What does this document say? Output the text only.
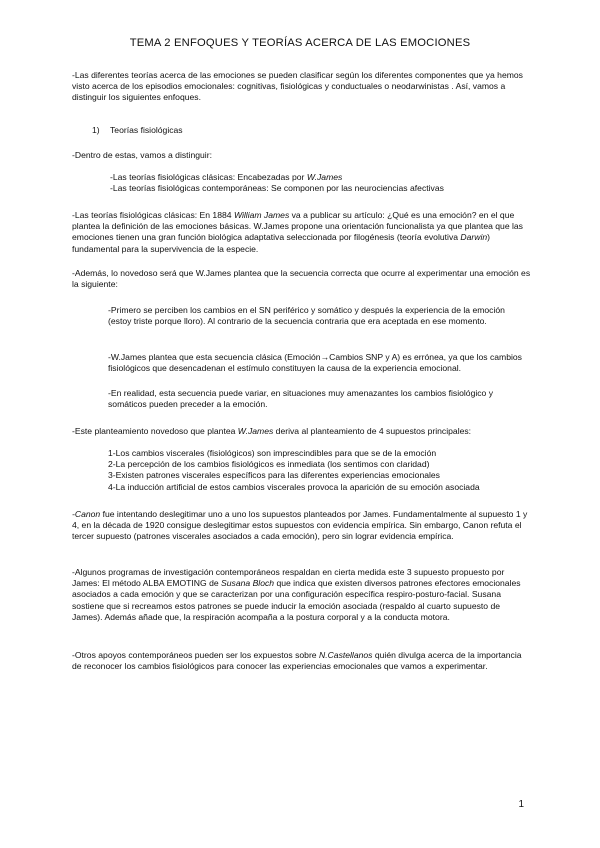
TEMA 2 ENFOQUES Y TEORÍAS ACERCA DE LAS EMOCIONES

-Las diferentes teorías acerca de las emociones se pueden clasificar según los diferentes componentes que ya hemos visto acerca de los episodios emocionales: cognitivas, fisiológicas y conductuales o neodarwinistas . Así, vamos a distinguir los siguientes enfoques.

1) Teorías fisiológicas

-Dentro de estas, vamos a distinguir:

-Las teorías fisiológicas clásicas: Encabezadas por W.James
-Las teorías fisiológicas contemporáneas: Se componen por las neurociencias afectivas

-Las teorías fisiológicas clásicas: En 1884 William James va a publicar su artículo: ¿Qué es una emoción? en el que plantea la definición de las emociones básicas. W.James propone una orientación funcionalista ya que plantea que las emociones tienen una gran función biológica adaptativa seleccionada por filogénesis (teoría evolutiva Darwin) fundamental para la supervivencia de la especie.

-Además, lo novedoso será que W.James plantea que la secuencia correcta que ocurre al experimentar una emoción es la siguiente:

-Primero se perciben los cambios en el SN periférico y somático y después la experiencia de la emoción (estoy triste porque lloro). Al contrario de la secuencia contraria que era aceptada en ese momento.

-W.James plantea que esta secuencia clásica (Emoción→Cambios SNP y A) es errónea, ya que los cambios fisiológicos que desencadenan el estímulo constituyen la causa de la experiencia emocional.

-En realidad, esta secuencia puede variar, en situaciones muy amenazantes los cambios fisiológico y somáticos pueden preceder a la emoción.

-Este planteamiento novedoso que plantea W.James deriva al planteamiento de 4 supuestos principales:

1-Los cambios viscerales (fisiológicos) son imprescindibles para que se de la emoción
2-La percepción de los cambios fisiológicos es inmediata (los sentimos con claridad)
3-Existen patrones viscerales específicos para las diferentes experiencias emocionales
4-La inducción artificial de estos cambios viscerales provoca la aparición de su emoción asociada

-Canon fue intentando deslegitimar uno a uno los supuestos planteados por James. Fundamentalmente al supuesto 1 y 4, en la década de 1920 consigue deslegitimar estos supuestos con evidencia empírica. Sin embargo, Canon refuta el tercer supuesto (patrones viscerales asociados a cada emoción), pero sin lograr evidencia empírica.

-Algunos programas de investigación contemporáneos respaldan en cierta medida este 3 supuesto propuesto por James: El método ALBA EMOTING de Susana Bloch que indica que existen diversos patrones efectores emocionales asociados a cada emoción y que se caracterizan por una configuración específica respiro-posturo-facial. Susana sostiene que si recreamos estos patrones se puede inducir la emoción asociada (respaldo al cuarto supuesto de James). Además añade que, la respiración acompaña a la postura corporal y a la conducta motora.

-Otros apoyos contemporáneos pueden ser los expuestos sobre N.Castellanos quién divulga acerca de la importancia de reconocer los cambios fisiológicos para conocer las experiencias emocionales que vamos a experimentar.

1
